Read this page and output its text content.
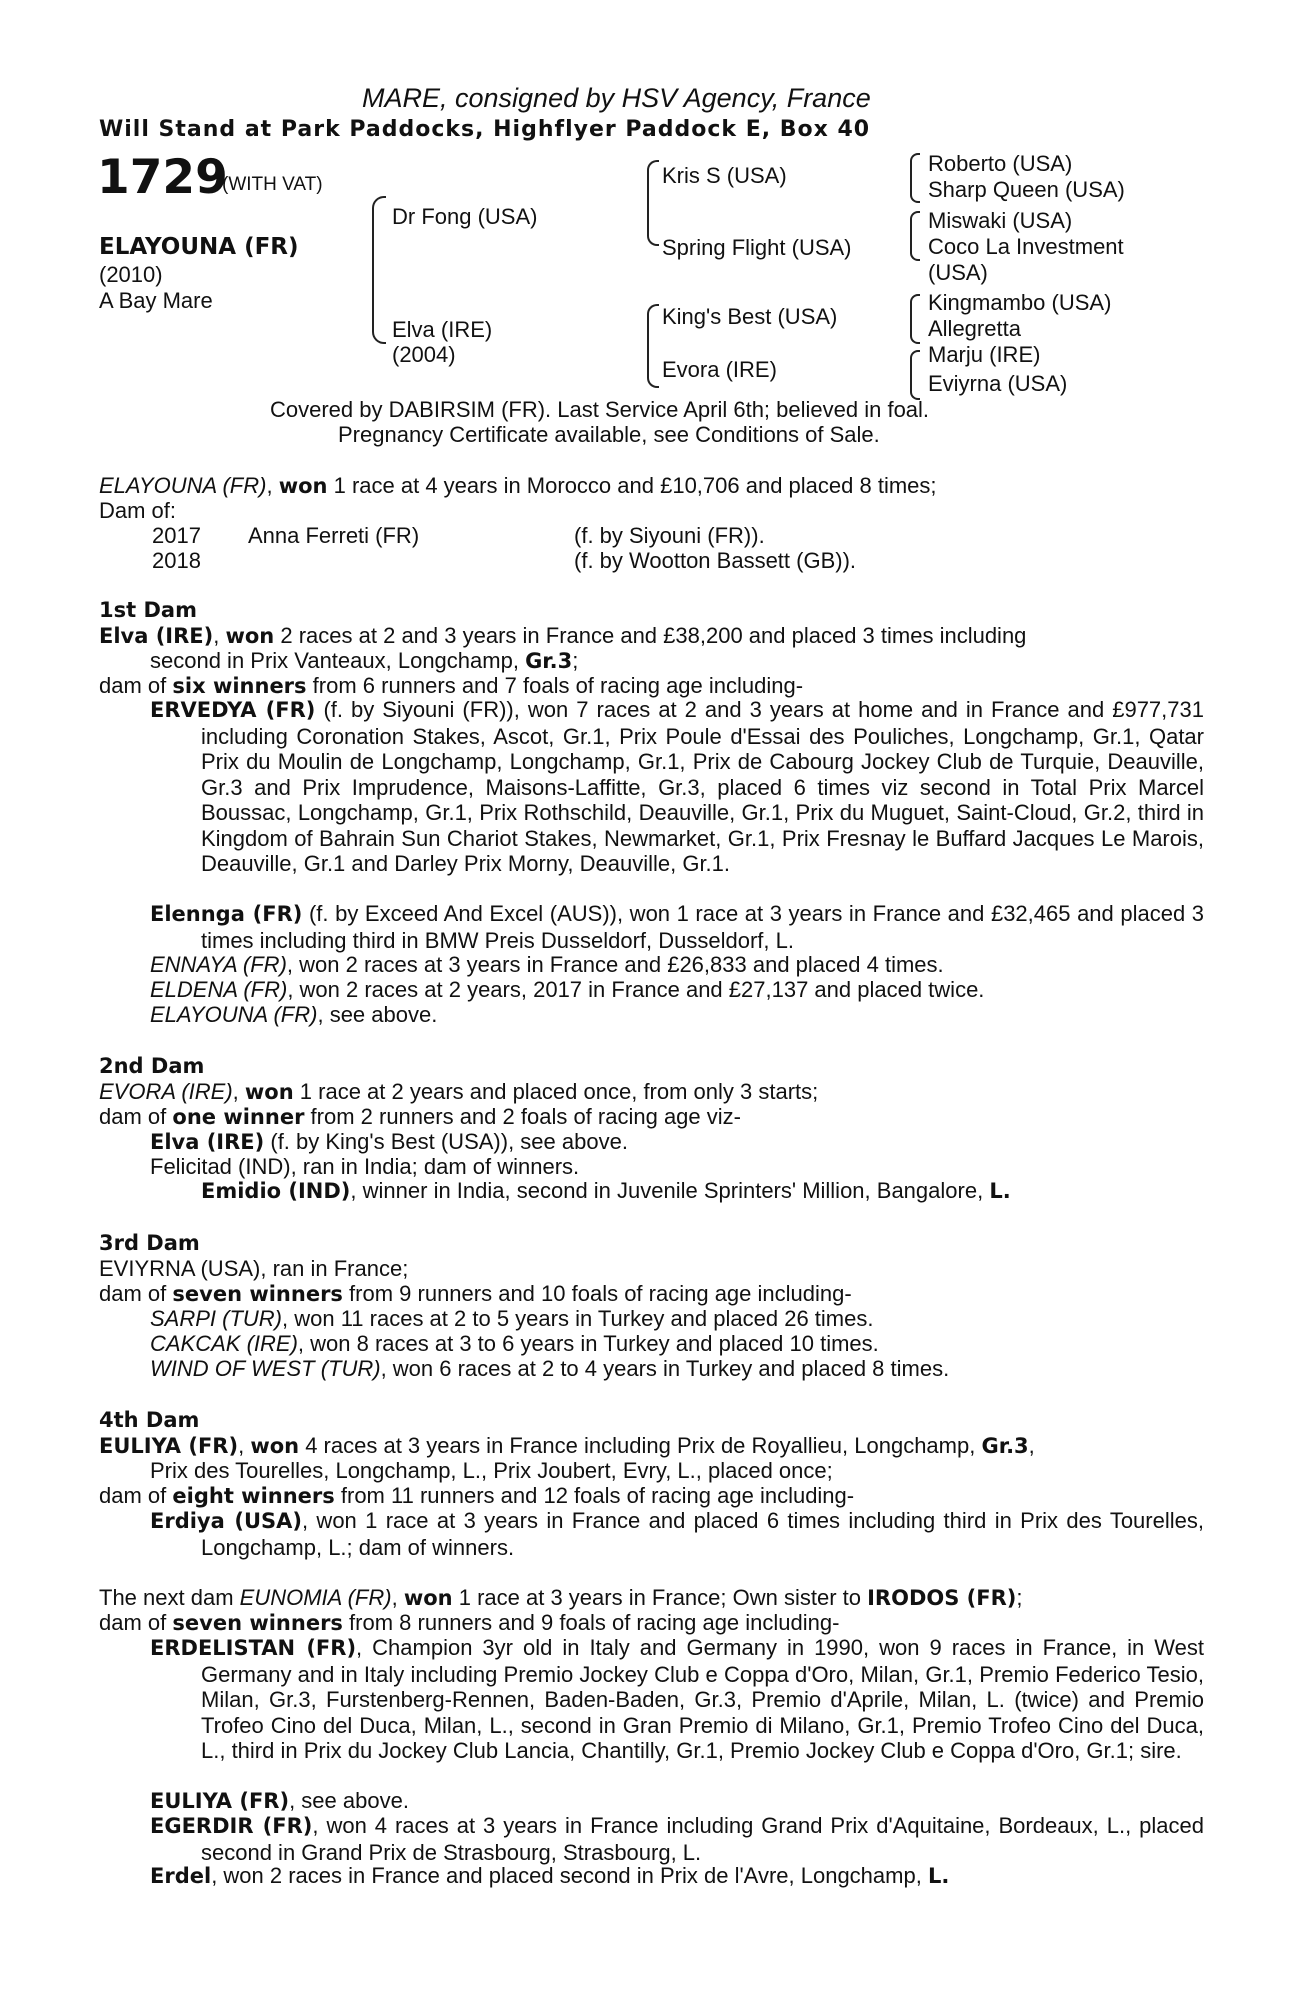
MARE, consigned by HSV Agency, France
Will Stand at Park Paddocks, Highflyer Paddock E, Box 40
1729
(WITH VAT)
ELAYOUNA (FR)
(2010)
A Bay Mare
Dr Fong (USA)
Elva (IRE)
(2004)
Kris S (USA)
Spring Flight (USA)
King's Best (USA)
Evora (IRE)
Roberto (USA)
Sharp Queen (USA)
Miswaki (USA)
Coco La Investment
(USA)
Kingmambo (USA)
Allegretta
Marju (IRE)
Eviyrna (USA)
Covered by DABIRSIM (FR). Last Service April 6th; believed in foal.
Pregnancy Certificate available, see Conditions of Sale.
ELAYOUNA (FR), won 1 race at 4 years in Morocco and £10,706 and placed 8 times;
Dam of:
2017 Anna Ferreti (FR)	(f. by Siyouni (FR)).
2018	(f. by Wootton Bassett (GB)).
1st Dam
Elva (IRE), won 2 races at 2 and 3 years in France and £38,200 and placed 3 times including
second in Prix Vanteaux, Longchamp, Gr.3;
dam of six winners from 6 runners and 7 foals of racing age including-
ERVEDYA (FR) (f. by Siyouni (FR)), won 7 races at 2 and 3 years at home and in France and £977,731 including Coronation Stakes, Ascot, Gr.1, Prix Poule d'Essai des Pouliches, Longchamp, Gr.1, Qatar Prix du Moulin de Longchamp, Longchamp, Gr.1, Prix de Cabourg Jockey Club de Turquie, Deauville, Gr.3 and Prix Imprudence, Maisons-Laffitte, Gr.3, placed 6 times viz second in Total Prix Marcel Boussac, Longchamp, Gr.1, Prix Rothschild, Deauville, Gr.1, Prix du Muguet, Saint-Cloud, Gr.2, third in Kingdom of Bahrain Sun Chariot Stakes, Newmarket, Gr.1, Prix Fresnay le Buffard Jacques Le Marois, Deauville, Gr.1 and Darley Prix Morny, Deauville, Gr.1.
Elennga (FR) (f. by Exceed And Excel (AUS)), won 1 race at 3 years in France and £32,465 and placed 3 times including third in BMW Preis Dusseldorf, Dusseldorf, L.
ENNAYA (FR), won 2 races at 3 years in France and £26,833 and placed 4 times.
ELDENA (FR), won 2 races at 2 years, 2017 in France and £27,137 and placed twice.
ELAYOUNA (FR), see above.
2nd Dam
EVORA (IRE), won 1 race at 2 years and placed once, from only 3 starts;
dam of one winner from 2 runners and 2 foals of racing age viz-
Elva (IRE) (f. by King's Best (USA)), see above.
Felicitad (IND), ran in India; dam of winners.
Emidio (IND), winner in India, second in Juvenile Sprinters' Million, Bangalore, L.
3rd Dam
EVIYRNA (USA), ran in France;
dam of seven winners from 9 runners and 10 foals of racing age including-
SARPI (TUR), won 11 races at 2 to 5 years in Turkey and placed 26 times.
CAKCAK (IRE), won 8 races at 3 to 6 years in Turkey and placed 10 times.
WIND OF WEST (TUR), won 6 races at 2 to 4 years in Turkey and placed 8 times.
4th Dam
EULIYA (FR), won 4 races at 3 years in France including Prix de Royallieu, Longchamp, Gr.3,
Prix des Tourelles, Longchamp, L., Prix Joubert, Evry, L., placed once;
dam of eight winners from 11 runners and 12 foals of racing age including-
Erdiya (USA), won 1 race at 3 years in France and placed 6 times including third in Prix des Tourelles, Longchamp, L.; dam of winners.
The next dam EUNOMIA (FR), won 1 race at 3 years in France; Own sister to IRODOS (FR);
dam of seven winners from 8 runners and 9 foals of racing age including-
ERDELISTAN (FR), Champion 3yr old in Italy and Germany in 1990, won 9 races in France, in West Germany and in Italy including Premio Jockey Club e Coppa d'Oro, Milan, Gr.1, Premio Federico Tesio, Milan, Gr.3, Furstenberg-Rennen, Baden-Baden, Gr.3, Premio d'Aprile, Milan, L. (twice) and Premio Trofeo Cino del Duca, Milan, L., second in Gran Premio di Milano, Gr.1, Premio Trofeo Cino del Duca, L., third in Prix du Jockey Club Lancia, Chantilly, Gr.1, Premio Jockey Club e Coppa d'Oro, Gr.1; sire.
EULIYA (FR), see above.
EGERDIR (FR), won 4 races at 3 years in France including Grand Prix d'Aquitaine, Bordeaux, L., placed second in Grand Prix de Strasbourg, Strasbourg, L.
Erdel, won 2 races in France and placed second in Prix de l'Avre, Longchamp, L.
